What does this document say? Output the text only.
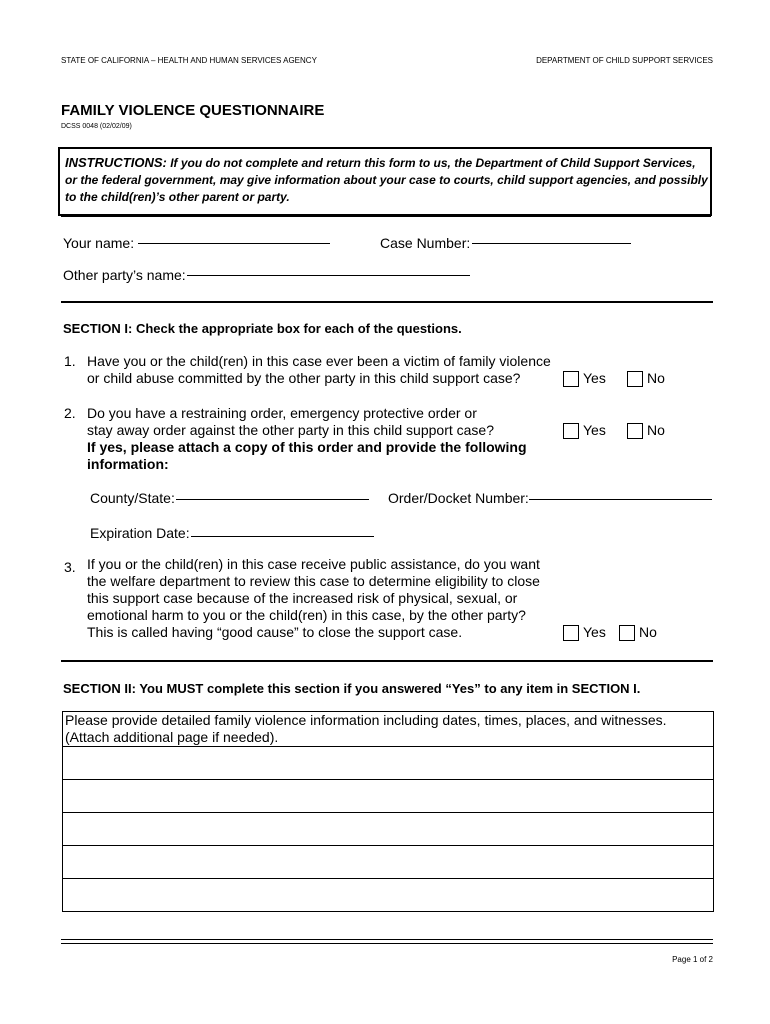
STATE OF CALIFORNIA – HEALTH AND HUMAN SERVICES AGENCY	DEPARTMENT OF CHILD SUPPORT SERVICES
FAMILY VIOLENCE QUESTIONNAIRE
DCSS 0048 (02/02/09)
INSTRUCTIONS: If you do not complete and return this form to us, the Department of Child Support Services, or the federal government, may give information about your case to courts, child support agencies, and possibly to the child(ren)’s other parent or party.
Your name:	Case Number:
Other party’s name:
SECTION I: Check the appropriate box for each of the questions.
1. Have you or the child(ren) in this case ever been a victim of family violence
or child abuse committed by the other party in this child support case?	Yes	No
2. Do you have a restraining order, emergency protective order or
stay away order against the other party in this child support case?
If yes, please attach a copy of this order and provide the following
information:
Yes	No
County/State:	Order/Docket Number:
Expiration Date:
3. If you or the child(ren) in this case receive public assistance, do you want
the welfare department to review this case to determine eligibility to close
this support case because of the increased risk of physical, sexual, or
emotional harm to you or the child(ren) in this case, by the other party?
This is called having “good cause” to close the support case.	Yes No
SECTION II: You MUST complete this section if you answered “Yes” to any item in SECTION I.
Please provide detailed family violence information including dates, times, places, and witnesses.
(Attach additional page if needed).

Page 1 of 2
